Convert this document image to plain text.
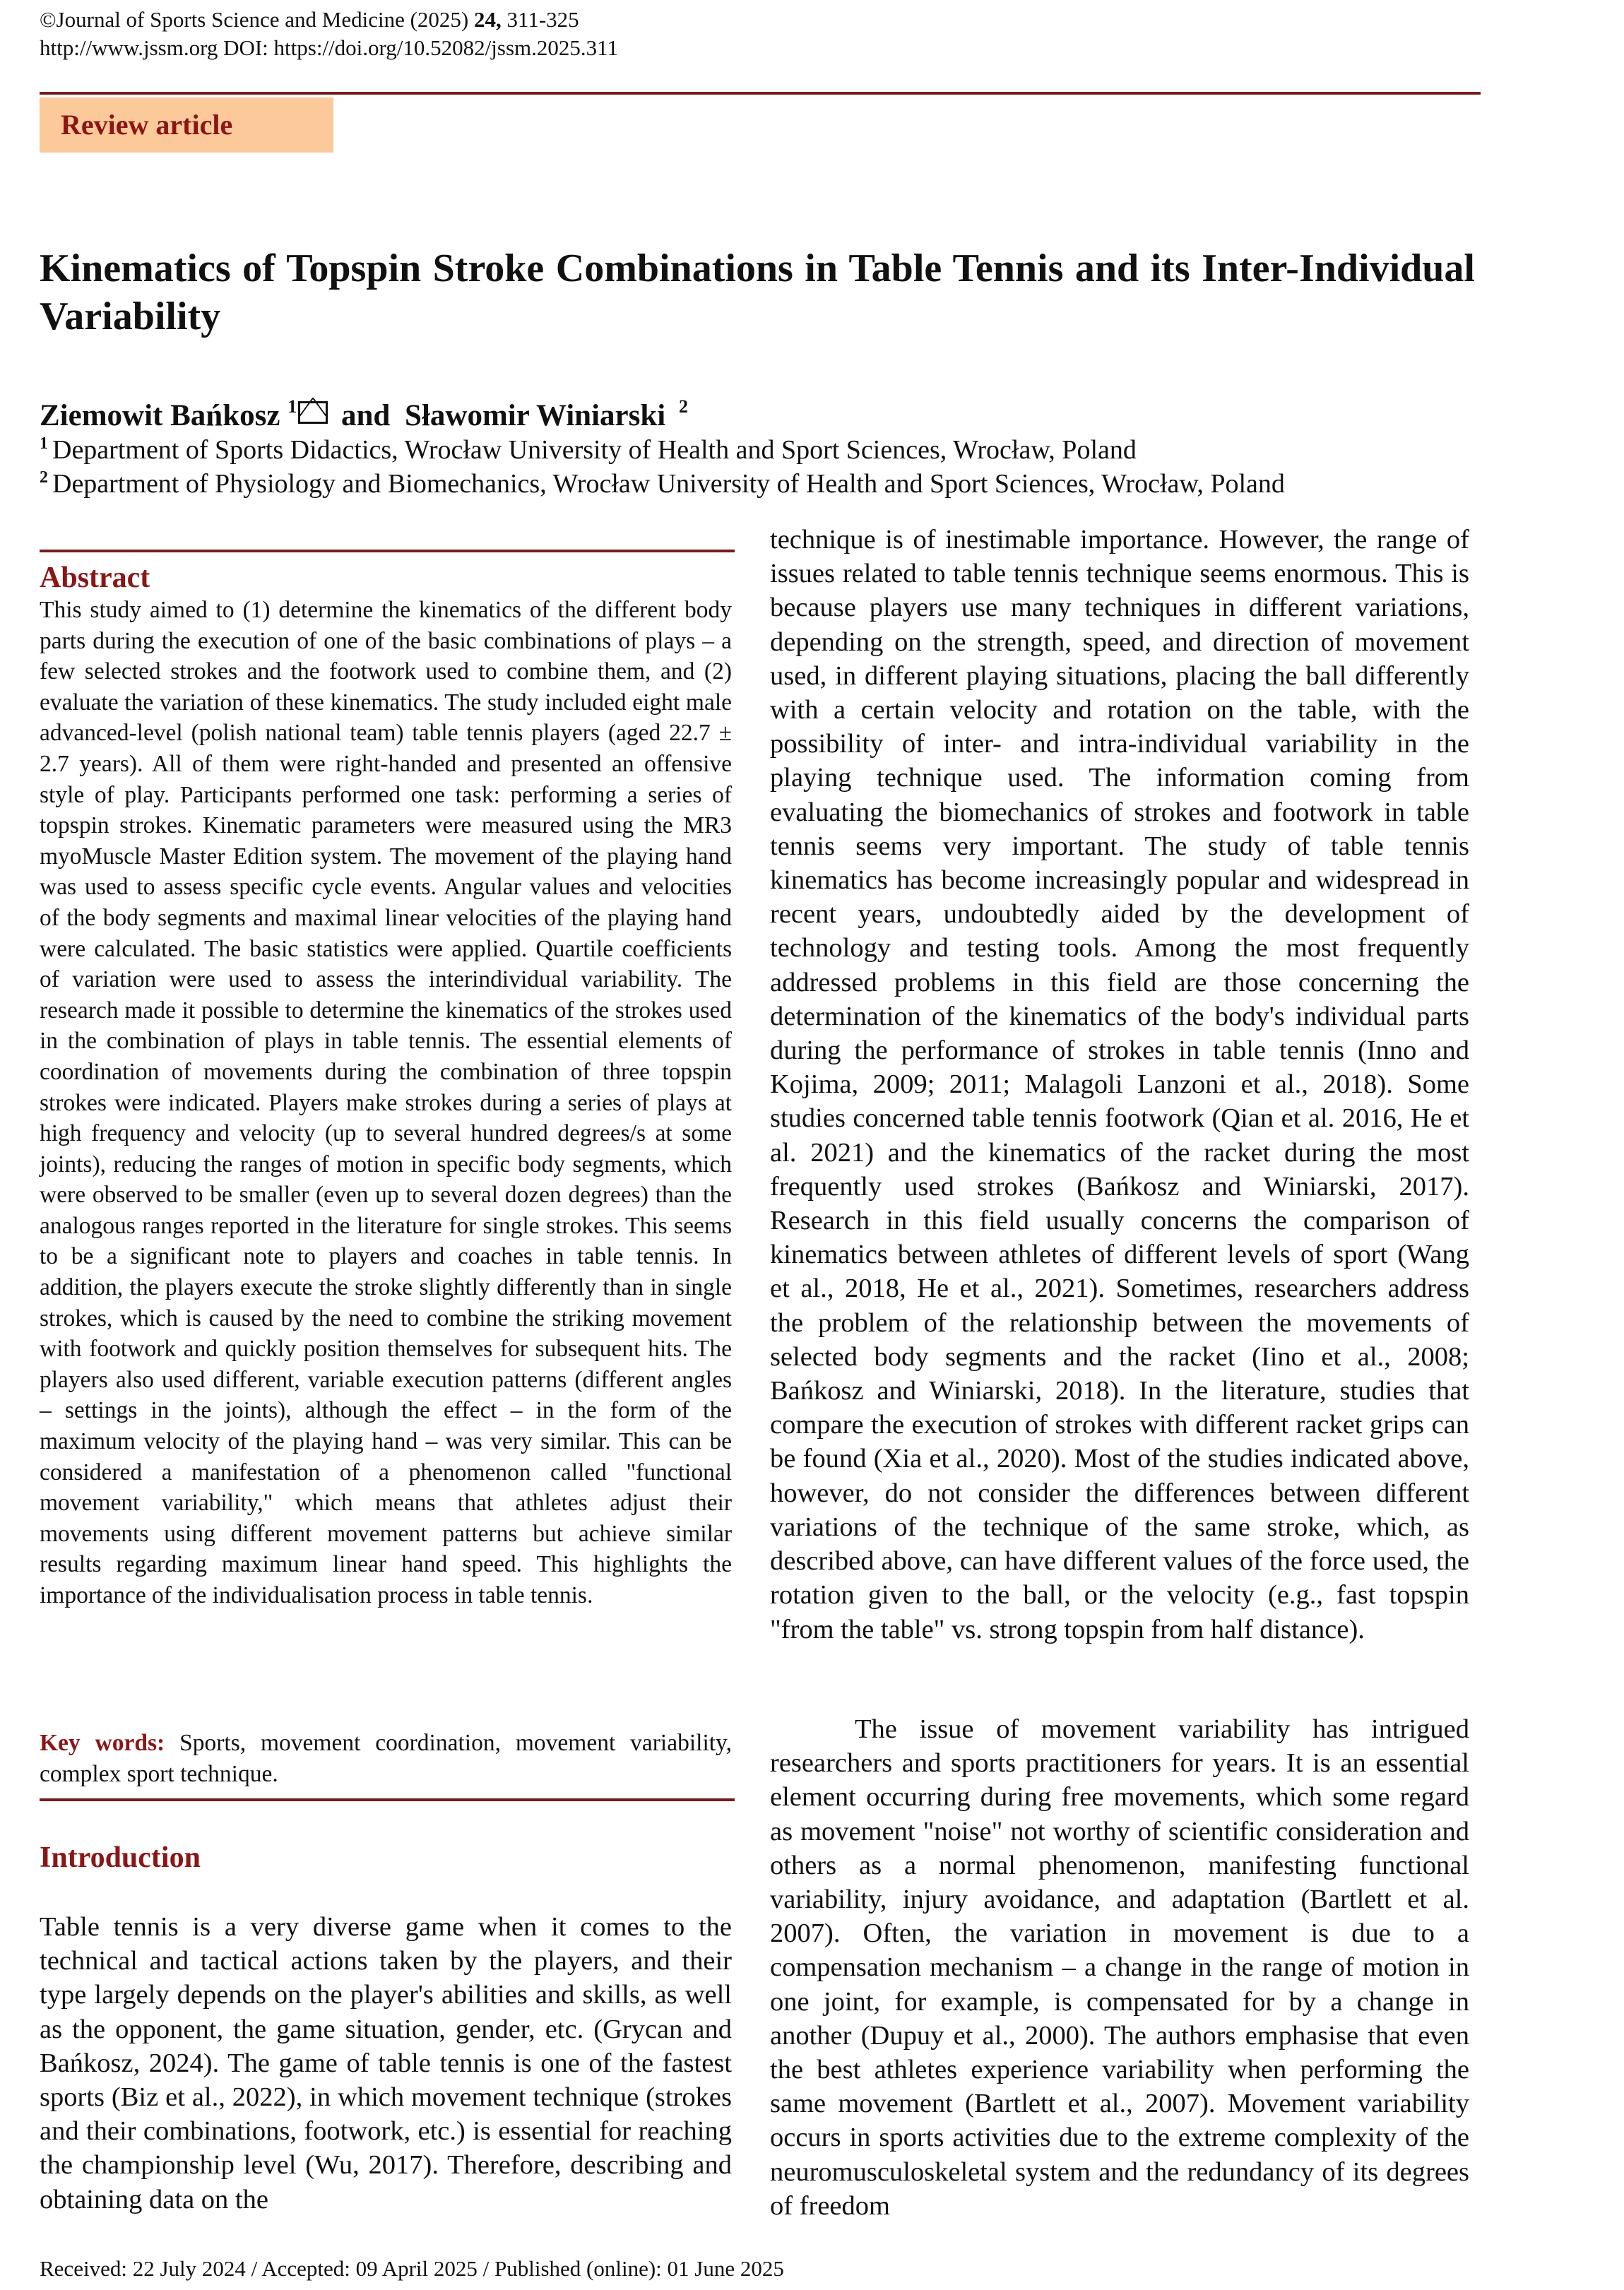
©Journal of Sports Science and Medicine (2025) 24, 311-325
http://www.jssm.org DOI: https://doi.org/10.52082/jssm.2025.311
Review article
Kinematics of Topspin Stroke Combinations in Table Tennis and its Inter-Individual Variability
Ziemowit Bańkosz $^1$ and Sławomir Winiarski $^2$
$^1$ Department of Sports Didactics, Wrocław University of Health and Sport Sciences, Wrocław, Poland
$^2$ Department of Physiology and Biomechanics, Wrocław University of Health and Sport Sciences, Wrocław, Poland
Abstract

This study aimed to (1) determine the kinematics of the different body parts during the execution of one of the basic combinations of plays – a few selected strokes and the footwork used to combine them, and (2) evaluate the variation of these kinematics. The study included eight male advanced-level (polish national team) table tennis players (aged 22.7 ± 2.7 years). All of them were right-handed and presented an offensive style of play. Participants performed one task: performing a series of topspin strokes. Kinematic parameters were measured using the MR3 myoMuscle Master Edition system. The movement of the playing hand was used to assess specific cycle events. Angular values and velocities of the body segments and maximal linear velocities of the playing hand were calculated. The basic statistics were applied. Quartile coefficients of variation were used to assess the interindividual variability. The research made it possible to determine the kinematics of the strokes used in the combination of plays in table tennis. The essential elements of coordination of movements during the combination of three topspin strokes were indicated. Players make strokes during a series of plays at high frequency and velocity (up to several hundred degrees/s at some joints), reducing the ranges of motion in specific body segments, which were observed to be smaller (even up to several dozen degrees) than the analogous ranges reported in the literature for single strokes. This seems to be a significant note to players and coaches in table tennis. In addition, the players execute the stroke slightly differently than in single strokes, which is caused by the need to combine the striking movement with footwork and quickly position themselves for subsequent hits. The players also used different, variable execution patterns (different angles – settings in the joints), although the effect – in the form of the maximum velocity of the playing hand – was very similar. This can be considered a manifestation of a phenomenon called "functional movement variability," which means that athletes adjust their movements using different movement patterns but achieve similar results regarding maximum linear hand speed. This highlights the importance of the individualisation process in table tennis.

Key words: Sports, movement coordination, movement variability, complex sport technique.

Introduction

Table tennis is a very diverse game when it comes to the technical and tactical actions taken by the players, and their type largely depends on the player's abilities and skills, as well as the opponent, the game situation, gender, etc. (Grycan and Bańkosz, 2024). The game of table tennis is one of the fastest sports (Biz et al., 2022), in which movement technique (strokes and their combinations, footwork, etc.) is essential for reaching the championship level (Wu, 2017). Therefore, describing and obtaining data on the

technique is of inestimable importance. However, the range of issues related to table tennis technique seems enormous. This is because players use many techniques in different variations, depending on the strength, speed, and direction of movement used, in different playing situations, placing the ball differently with a certain velocity and rotation on the table, with the possibility of inter- and intra-individual variability in the playing technique used. The information coming from evaluating the biomechanics of strokes and footwork in table tennis seems very important. The study of table tennis kinematics has become increasingly popular and widespread in recent years, undoubtedly aided by the development of technology and testing tools. Among the most frequently addressed problems in this field are those concerning the determination of the kinematics of the body's individual parts during the performance of strokes in table tennis (Inno and Kojima, 2009; 2011; Malagoli Lanzoni et al., 2018). Some studies concerned table tennis footwork (Qian et al. 2016, He et al. 2021) and the kinematics of the racket during the most frequently used strokes (Bańkosz and Winiarski, 2017). Research in this field usually concerns the comparison of kinematics between athletes of different levels of sport (Wang et al., 2018, He et al., 2021). Sometimes, researchers address the problem of the relationship between the movements of selected body segments and the racket (Iino et al., 2008; Bańkosz and Winiarski, 2018). In the literature, studies that compare the execution of strokes with different racket grips can be found (Xia et al., 2020). Most of the studies indicated above, however, do not consider the differences between different variations of the technique of the same stroke, which, as described above, can have different values of the force used, the rotation given to the ball, or the velocity (e.g., fast topspin "from the table" vs. strong topspin from half distance).

The issue of movement variability has intrigued researchers and sports practitioners for years. It is an essential element occurring during free movements, which some regard as movement "noise" not worthy of scientific consideration and others as a normal phenomenon, manifesting functional variability, injury avoidance, and adaptation (Bartlett et al. 2007). Often, the variation in movement is due to a compensation mechanism – a change in the range of motion in one joint, for example, is compensated for by a change in another (Dupuy et al., 2000). The authors emphasise that even the best athletes experience variability when performing the same movement (Bartlett et al., 2007). Movement variability occurs in sports activities due to the extreme complexity of the neuromusculoskeletal system and the redundancy of its degrees of freedom

Received: 22 July 2024 / Accepted: 09 April 2025 / Published (online): 01 June 2025
